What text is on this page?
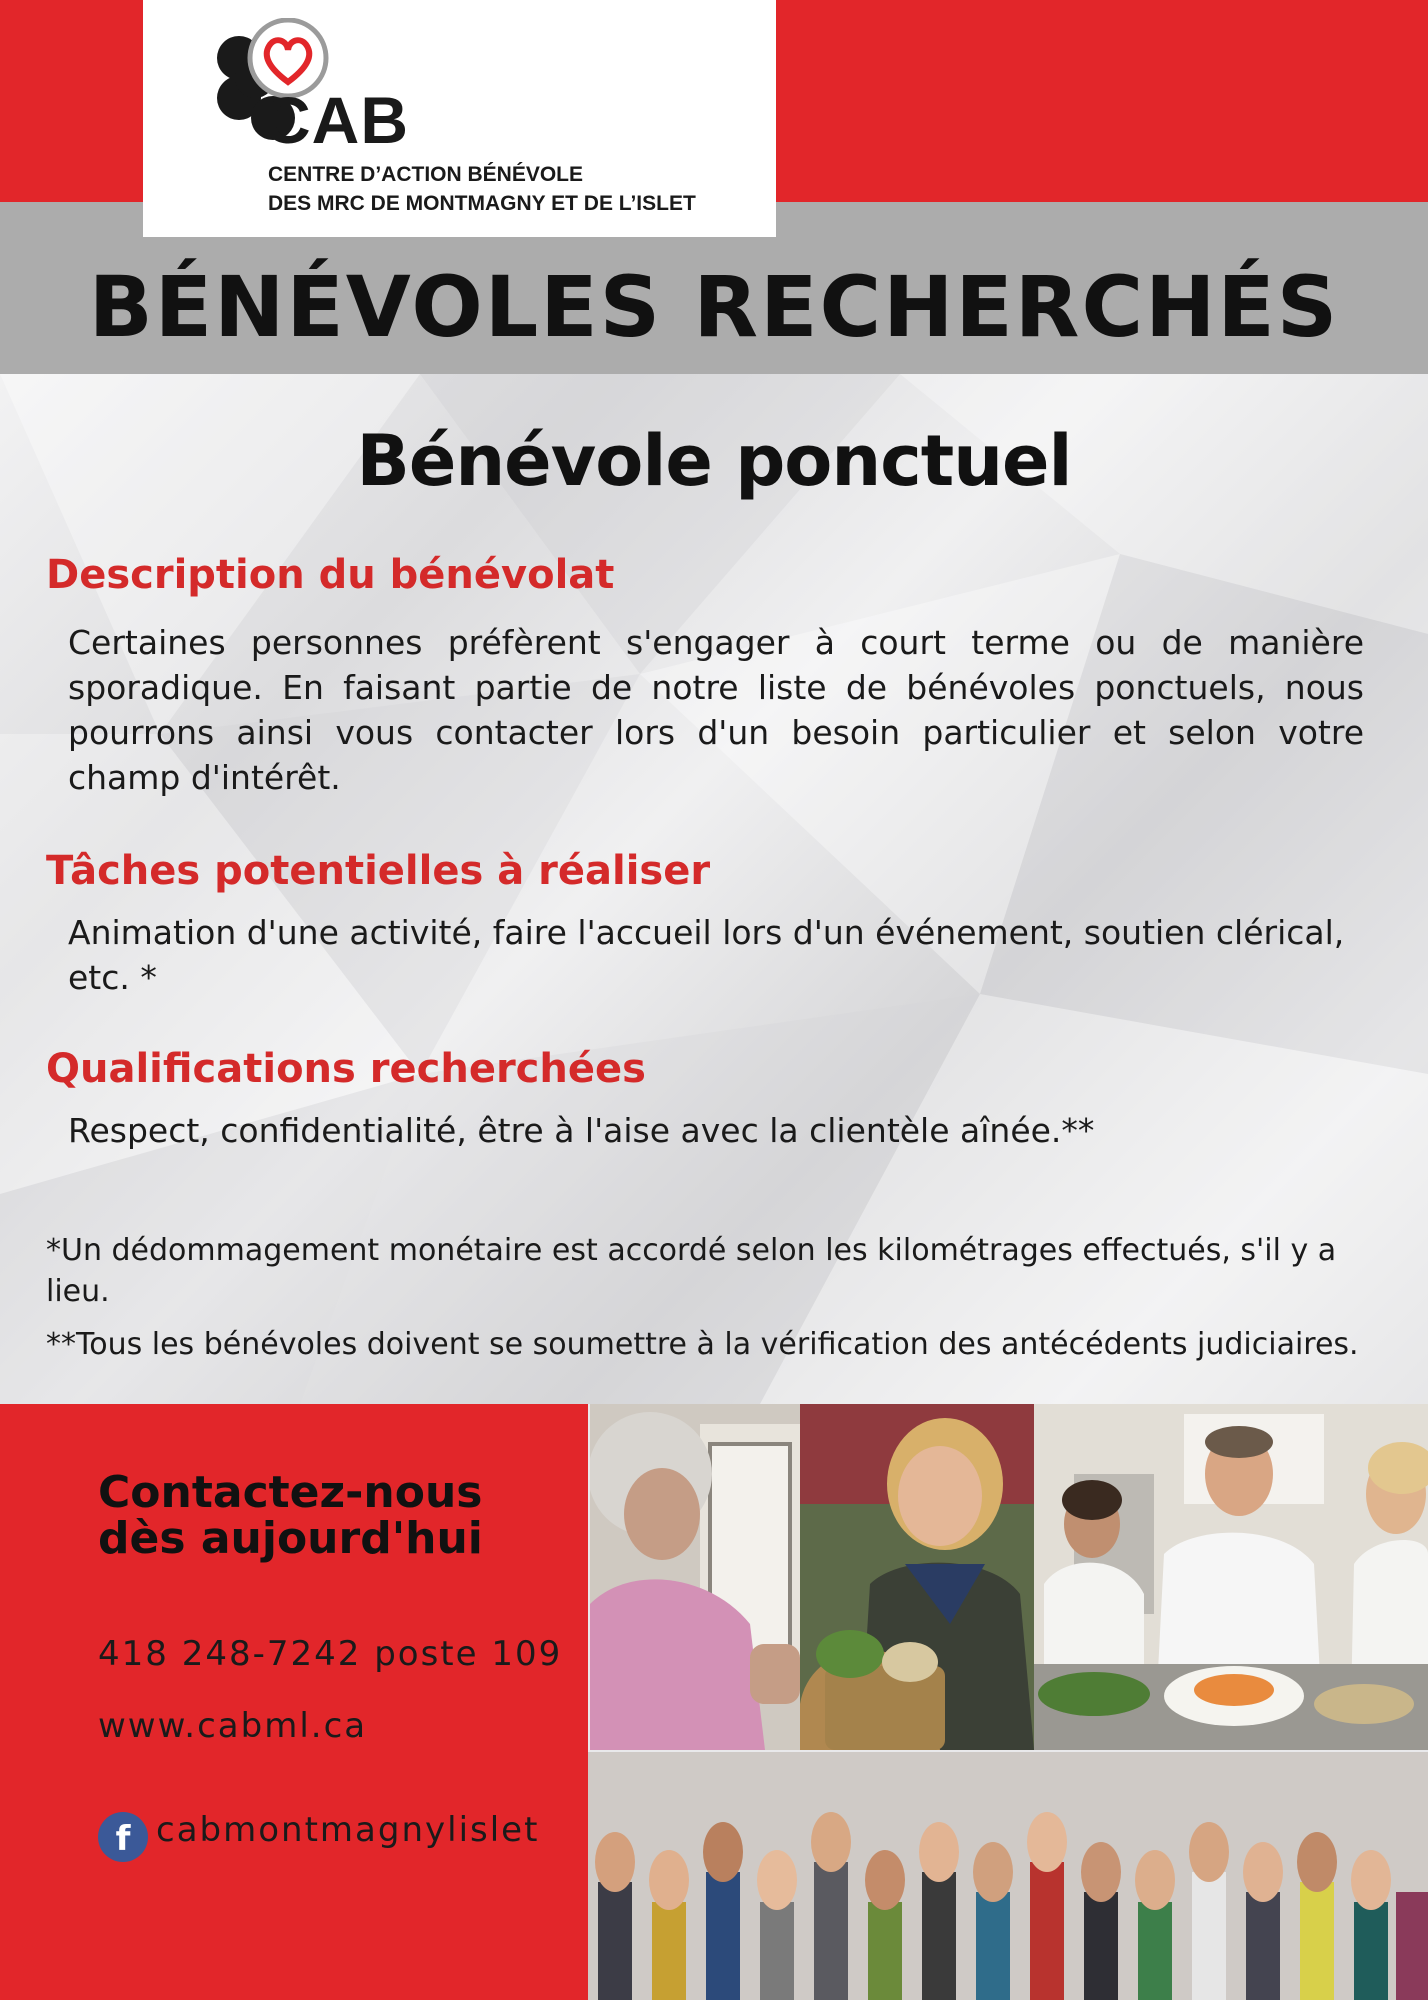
CAB
CENTRE D’ACTION BÉNÉVOLE
DES MRC DE MONTMAGNY ET DE L’ISLET
BÉNÉVOLES RECHERCHÉS
Bénévole ponctuel
Description du bénévolat
Certaines personnes préfèrent s'engager à court terme ou de manière sporadique. En faisant partie de notre liste de bénévoles ponctuels, nous pourrons ainsi vous contacter lors d'un besoin particulier et selon votre champ d'intérêt.
Tâches potentielles à réaliser
Animation d'une activité, faire l'accueil lors d'un événement, soutien clérical, etc. *
Qualifications recherchées
Respect, confidentialité, être à l'aise avec la clientèle aînée.**
*Un dédommagement monétaire est accordé selon les kilométrages effectués, s'il y a lieu.
**Tous les bénévoles doivent se soumettre à la vérification des antécédents judiciaires.
Contactez-nous
dès aujourd'hui
418 248-7242 poste 109
www.cabml.ca
f cabmontmagnylislet
